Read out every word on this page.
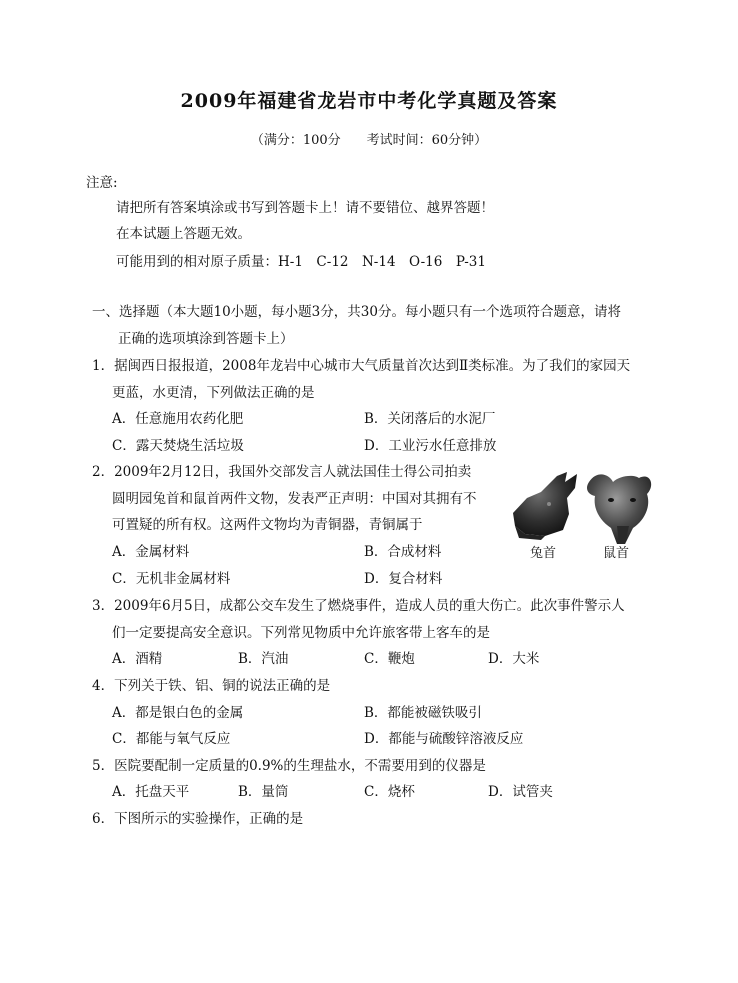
2009年福建省龙岩市中考化学真题及答案
（满分：100分　　考试时间：60分钟）
注意:
请把所有答案填涂或书写到答题卡上！请不要错位、越界答题！
在本试题上答题无效。
可能用到的相对原子质量：H-1　C-12　N-14　O-16　P-31
一、选择题（本大题10小题，每小题3分，共30分。每小题只有一个选项符合题意，请将
正确的选项填涂到答题卡上）
1．据闽西日报报道，2008年龙岩中心城市大气质量首次达到Ⅱ类标准。为了我们的家园天
更蓝，水更清，下列做法正确的是
A．任意施用农药化肥	B．关闭落后的水泥厂
C．露天焚烧生活垃圾	D．工业污水任意排放
2．2009年2月12日，我国外交部发言人就法国佳士得公司拍卖
圆明园兔首和鼠首两件文物，发表严正声明：中国对其拥有不
可置疑的所有权。这两件文物均为青铜器，青铜属于
A．金属材料	B．合成材料
C．无机非金属材料	D．复合材料
兔首	鼠首
3．2009年6月5日，成都公交车发生了燃烧事件，造成人员的重大伤亡。此次事件警示人
们一定要提高安全意识。下列常见物质中允许旅客带上客车的是
A．酒精	B．汽油	C．鞭炮	D．大米
4．下列关于铁、铝、铜的说法正确的是
A．都是银白色的金属	B．都能被磁铁吸引
C．都能与氧气反应	D．都能与硫酸锌溶液反应
5．医院要配制一定质量的0.9%的生理盐水，不需要用到的仪器是
A．托盘天平	B．量筒	C．烧杯	D．试管夹
6．下图所示的实验操作，正确的是
